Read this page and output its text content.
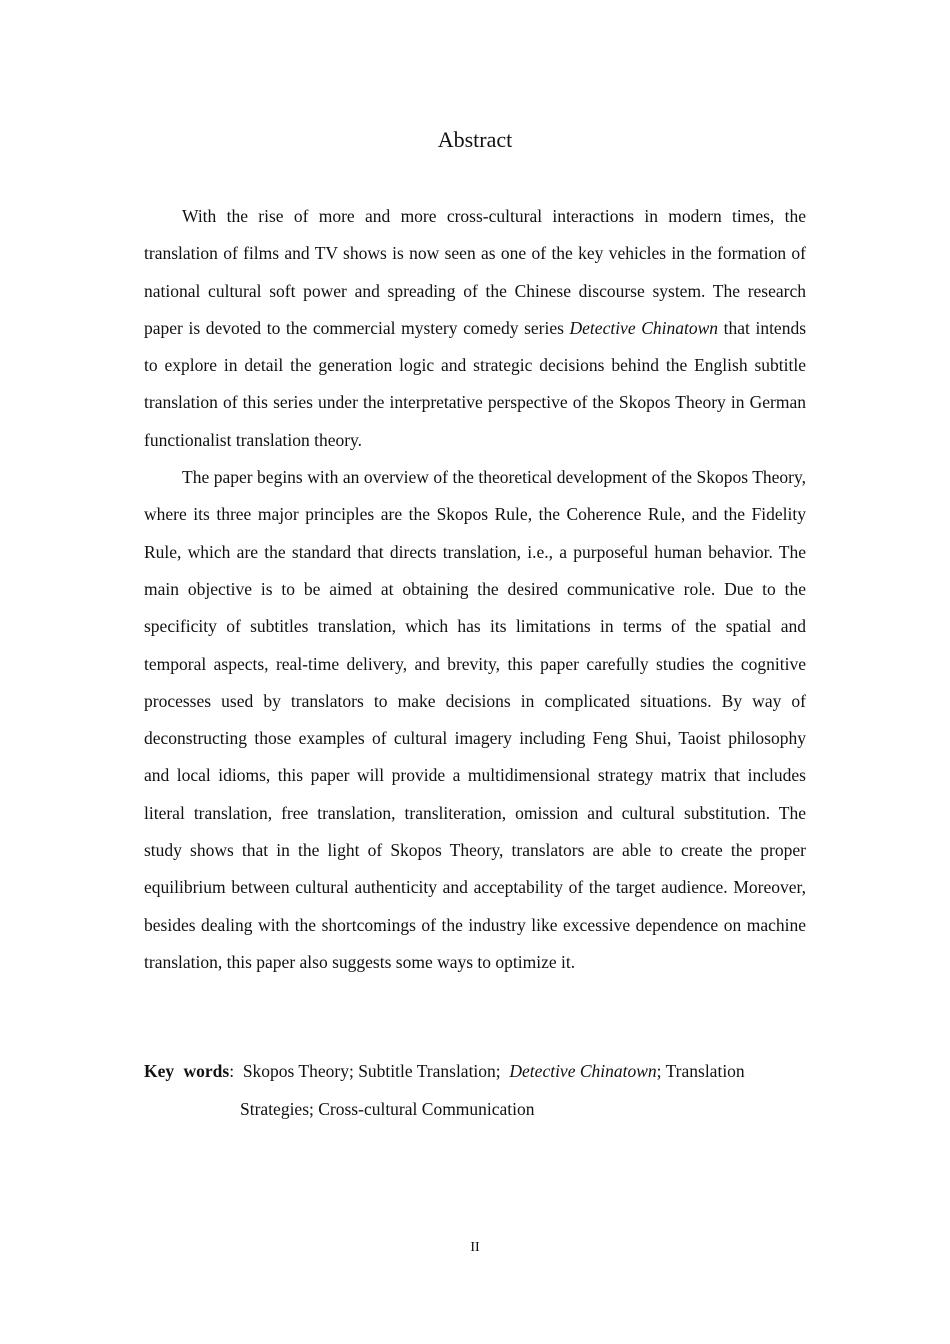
Abstract

With the rise of more and more cross-cultural interactions in modern times, the translation of films and TV shows is now seen as one of the key vehicles in the formation of national cultural soft power and spreading of the Chinese discourse system. The research paper is devoted to the commercial mystery comedy series Detective Chinatown that intends to explore in detail the generation logic and strategic decisions behind the English subtitle translation of this series under the interpretative perspective of the Skopos Theory in German functionalist translation theory.

The paper begins with an overview of the theoretical development of the Skopos Theory, where its three major principles are the Skopos Rule, the Coherence Rule, and the Fidelity Rule, which are the standard that directs translation, i.e., a purposeful human behavior. The main objective is to be aimed at obtaining the desired communicative role. Due to the specificity of subtitles translation, which has its limitations in terms of the spatial and temporal aspects, real-time delivery, and brevity, this paper carefully studies the cognitive processes used by translators to make decisions in complicated situations. By way of deconstructing those examples of cultural imagery including Feng Shui, Taoist philosophy and local idioms, this paper will provide a multidimensional strategy matrix that includes literal translation, free translation, transliteration, omission and cultural substitution. The study shows that in the light of Skopos Theory, translators are able to create the proper equilibrium between cultural authenticity and acceptability of the target audience. Moreover, besides dealing with the shortcomings of the industry like excessive dependence on machine translation, this paper also suggests some ways to optimize it.

Key words: Skopos Theory; Subtitle Translation; Detective Chinatown; Translation
Strategies; Cross-cultural Communication
II
